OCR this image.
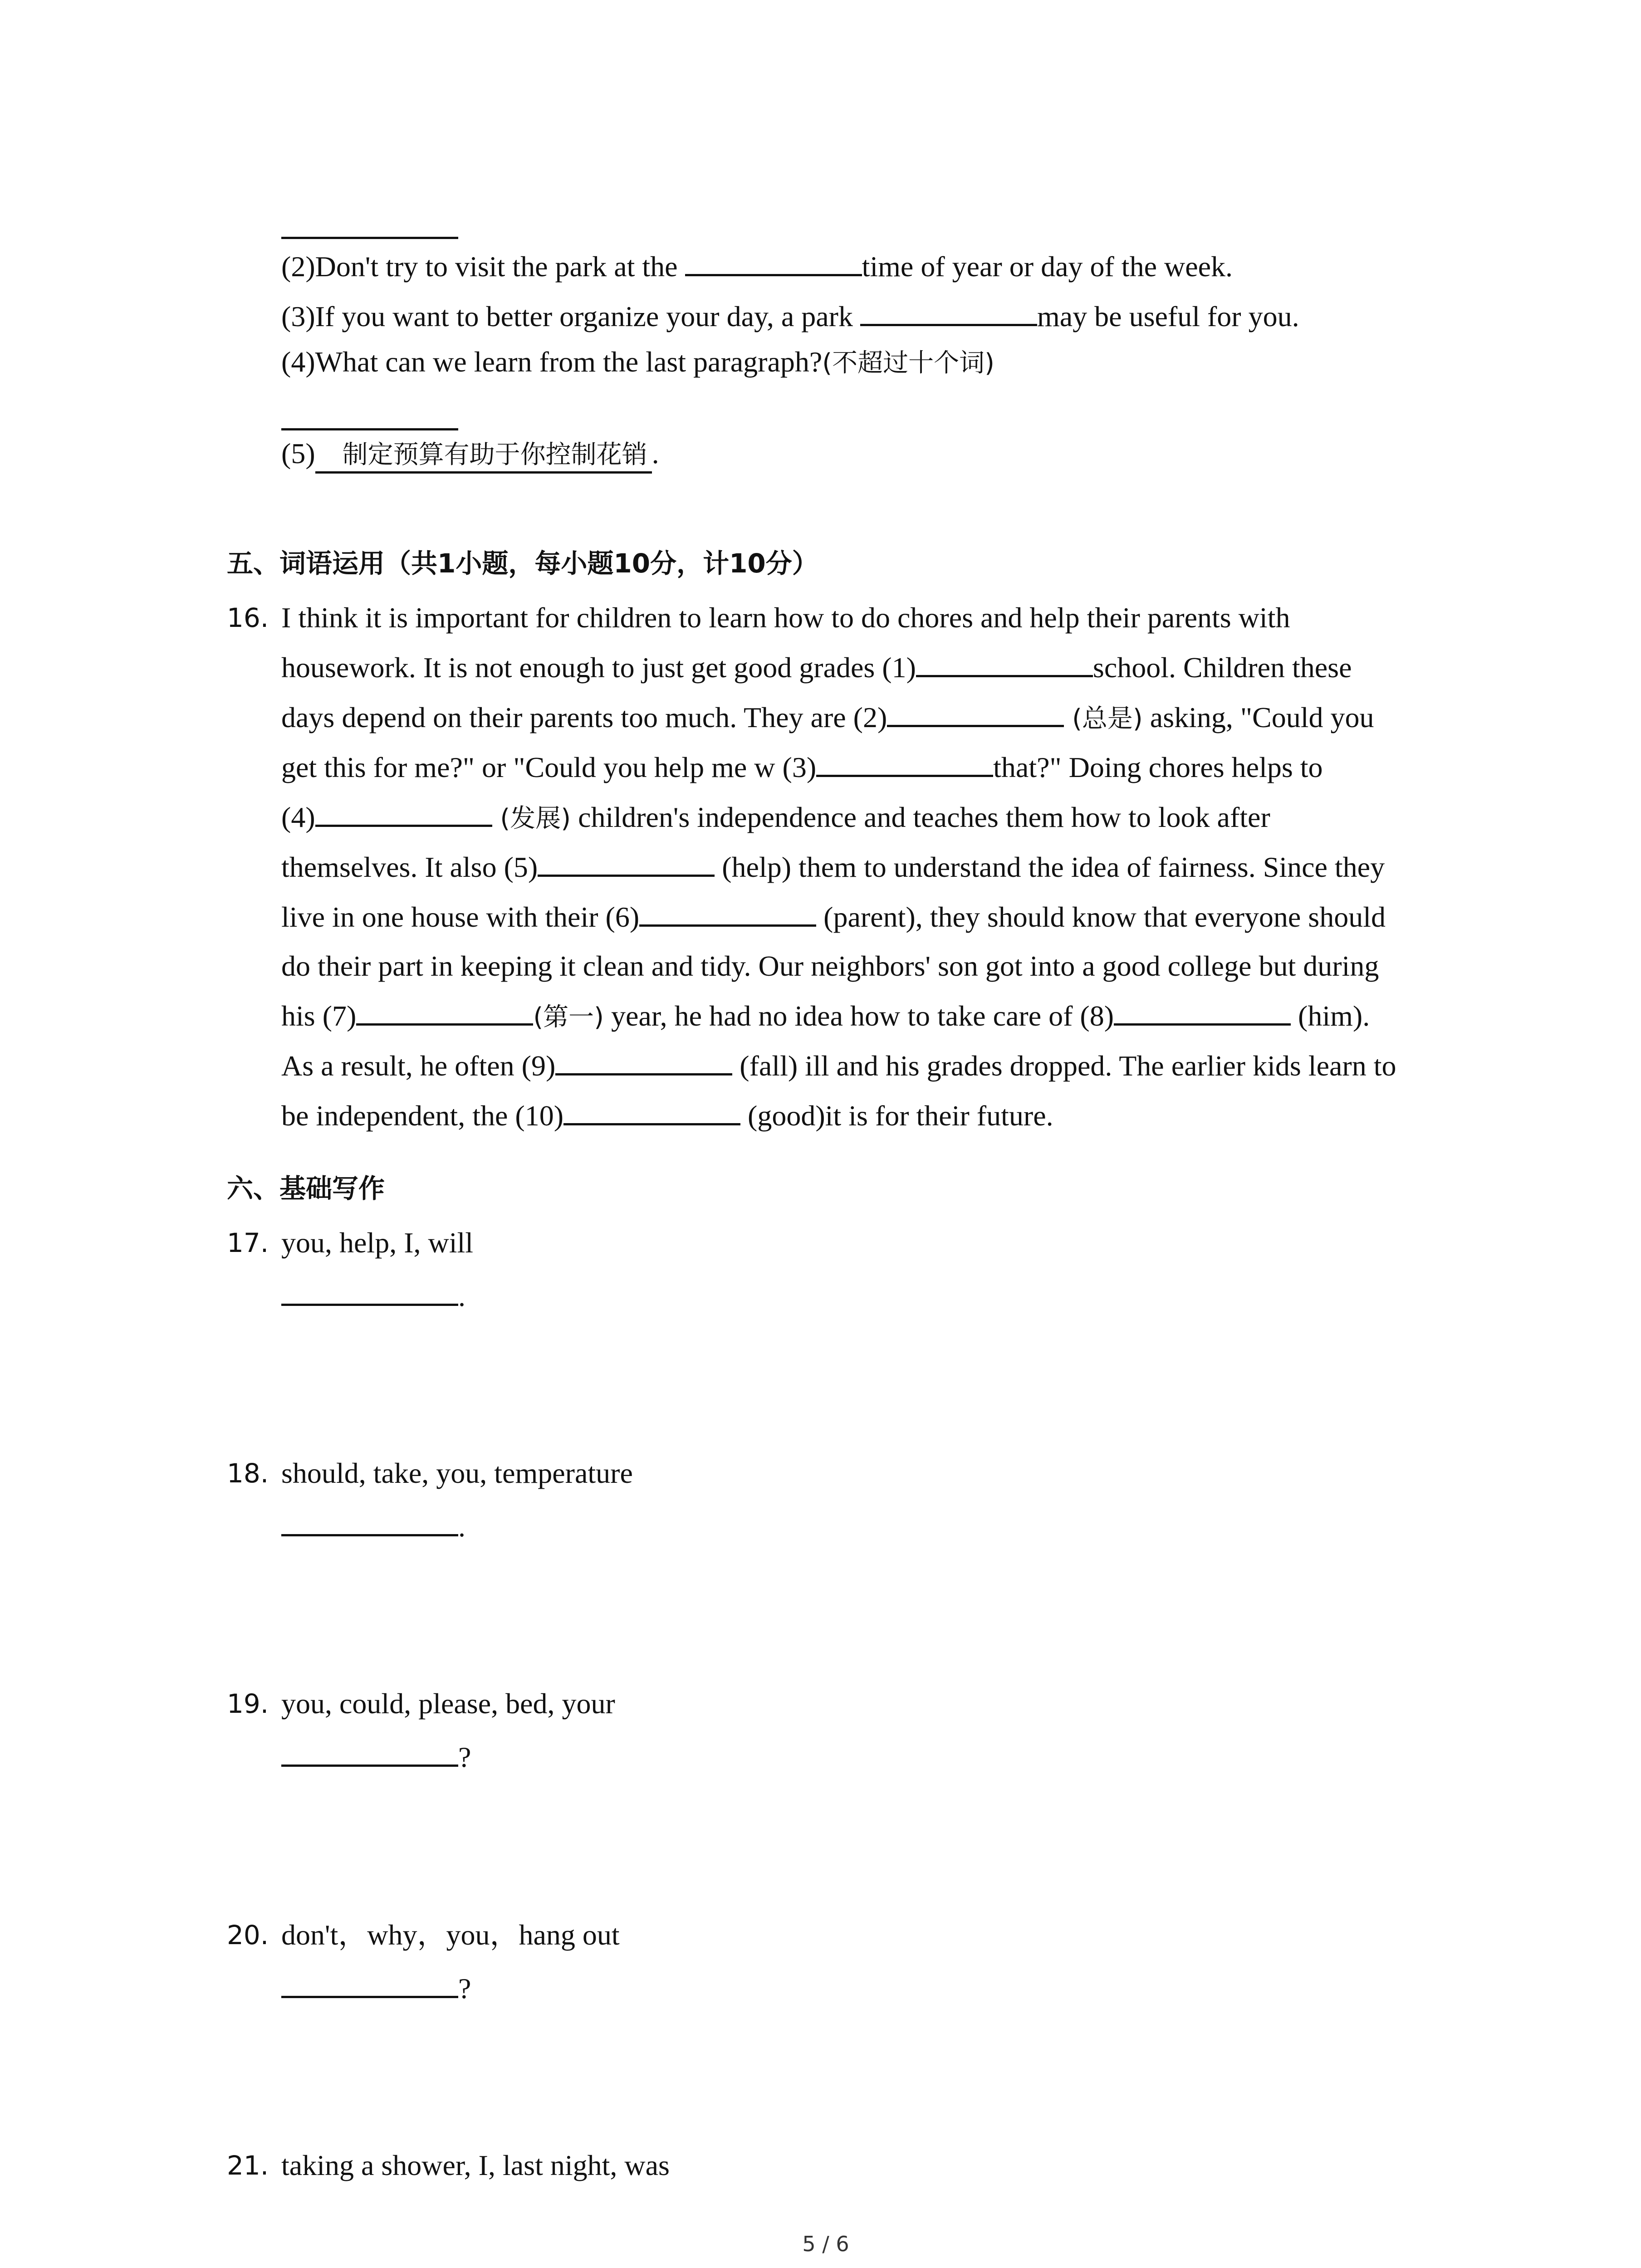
(2)Don't try to visit the park at the	time of year or day of the week.
(3)If you want to better organize your day, a park	may be useful for you.
(4)What can we learn from the last paragraph?(不超过十个词)
(5) 制定预算有助于你控制花销 .
五、词语运用（共1小题，每小题10分，计10分）
16. I think it is important for children to learn how to do chores and help their parents with
housework. It is not enough to just get good grades (1)	school. Children these
days depend on their parents too much. They are (2)	(总是) asking, "Could you
get this for me?" or "Could you help me w (3)	that?" Doing chores helps to
(4)	(发展) children's independence and teaches them how to look after
themselves. It also (5)	(help) them to understand the idea of fairness. Since they
live in one house with their (6)	(parent), they should know that everyone should
do their part in keeping it clean and tidy. Our neighbors' son got into a good college but during
his (7)	(第一) year, he had no idea how to take care of (8)	(him).
As a result, he often (9)	(fall) ill and his grades dropped. The earlier kids learn to
be independent, the (10)	(good)it is for their future.
六、基础写作
17. you, help, I, will
.
18. should, take, you, temperature
.
19. you, could, please, bed, your
?
20. don't，why，you，hang out
?
21. taking a shower, I, last night, was
5 / 6
